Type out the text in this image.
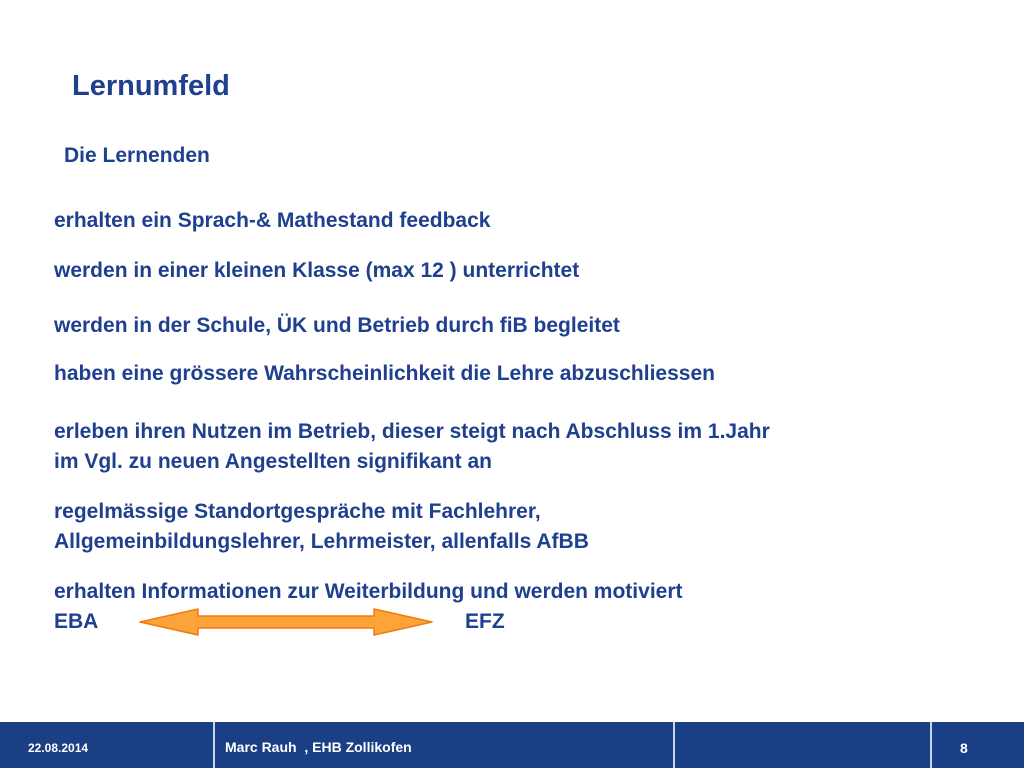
Lernumfeld
Die Lernenden
erhalten ein Sprach-& Mathestand feedback
werden in einer kleinen Klasse (max 12 ) unterrichtet
werden in der Schule, ÜK und Betrieb durch fiB begleitet
haben eine grössere Wahrscheinlichkeit die Lehre abzuschliessen
erleben ihren Nutzen im Betrieb, dieser steigt nach Abschluss im 1.Jahr
im Vgl. zu neuen Angestellten signifikant an
regelmässige Standortgespräche mit Fachlehrer,
Allgemeinbildungslehrer, Lehrmeister, allenfalls AfBB
erhalten Informationen zur Weiterbildung und werden motiviert
EBA	EFZ
22.08.2014	Marc Rauh  , EHB Zollikofen	8
